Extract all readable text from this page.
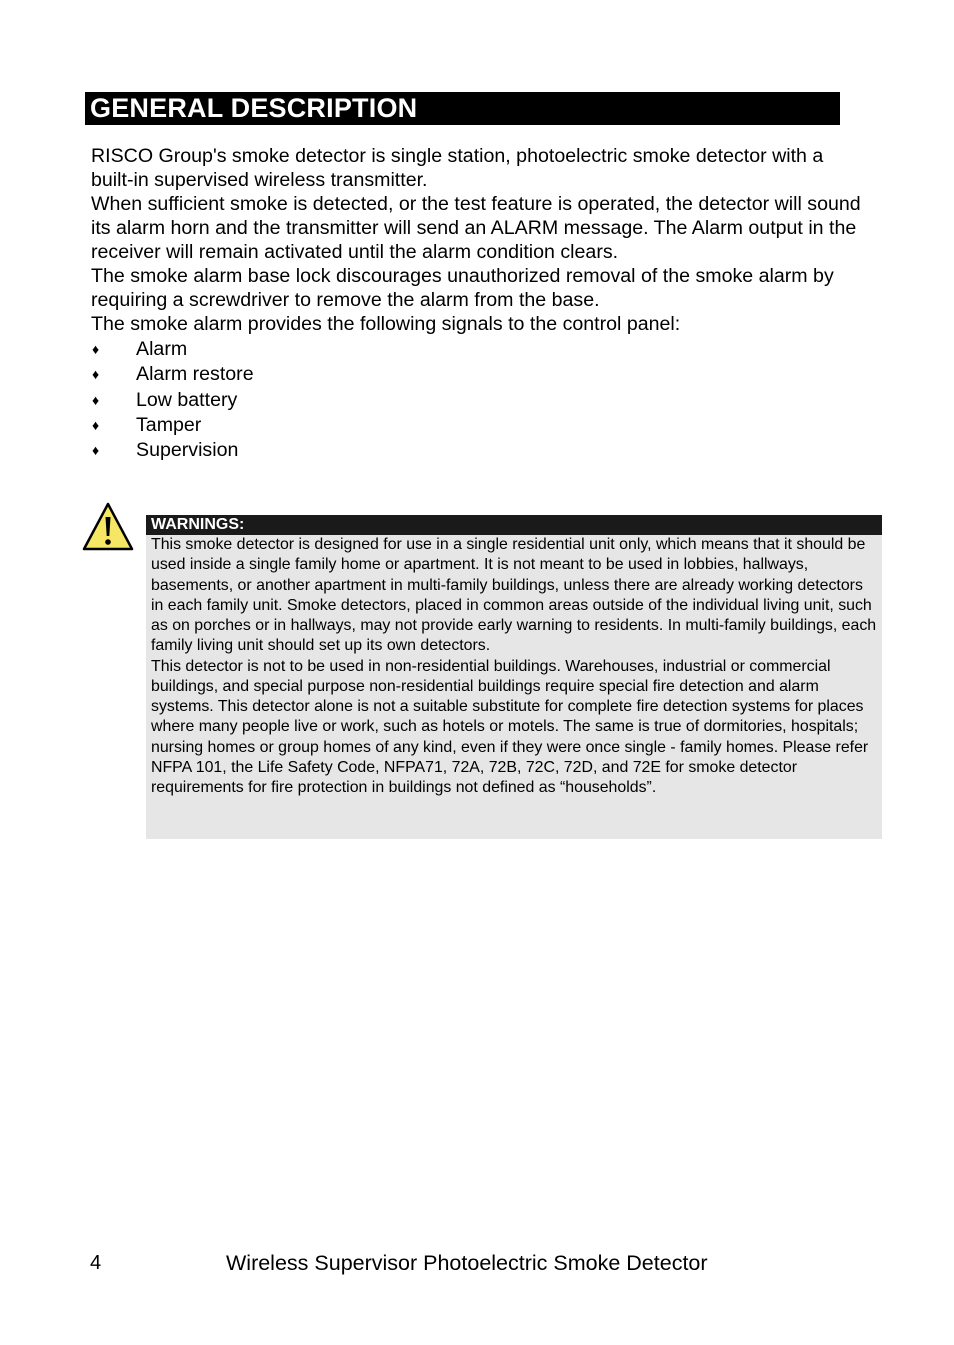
GENERAL DESCRIPTION

RISCO Group's smoke detector is single station, photoelectric smoke detector with a built-in supervised wireless transmitter.

When sufficient smoke is detected, or the test feature is operated, the detector will sound its alarm horn and the transmitter will send an ALARM message. The Alarm output in the receiver will remain activated until the alarm condition clears.

The smoke alarm base lock discourages unauthorized removal of the smoke alarm by requiring a screwdriver to remove the alarm from the base.

The smoke alarm provides the following signals to the control panel:

♦ Alarm
♦ Alarm restore
♦ Low battery
♦ Tamper
♦ Supervision
WARNINGS:

This smoke detector is designed for use in a single residential unit only, which means that it should be used inside a single family home or apartment. It is not meant to be used in lobbies, hallways, basements, or another apartment in multi-family buildings, unless there are already working detectors in each family unit. Smoke detectors, placed in common areas outside of the individual living unit, such as on porches or in hallways, may not provide early warning to residents. In multi-family buildings, each family living unit should set up its own detectors.

This detector is not to be used in non-residential buildings. Warehouses, industrial or commercial buildings, and special purpose non-residential buildings require special fire detection and alarm systems. This detector alone is not a suitable substitute for complete fire detection systems for places where many people live or work, such as hotels or motels. The same is true of dormitories, hospitals; nursing homes or group homes of any kind, even if they were once single - family homes. Please refer NFPA 101, the Life Safety Code, NFPA71, 72A, 72B, 72C, 72D, and 72E for smoke detector requirements for fire protection in buildings not defined as “households”.

4	Wireless Supervisor Photoelectric Smoke Detector
